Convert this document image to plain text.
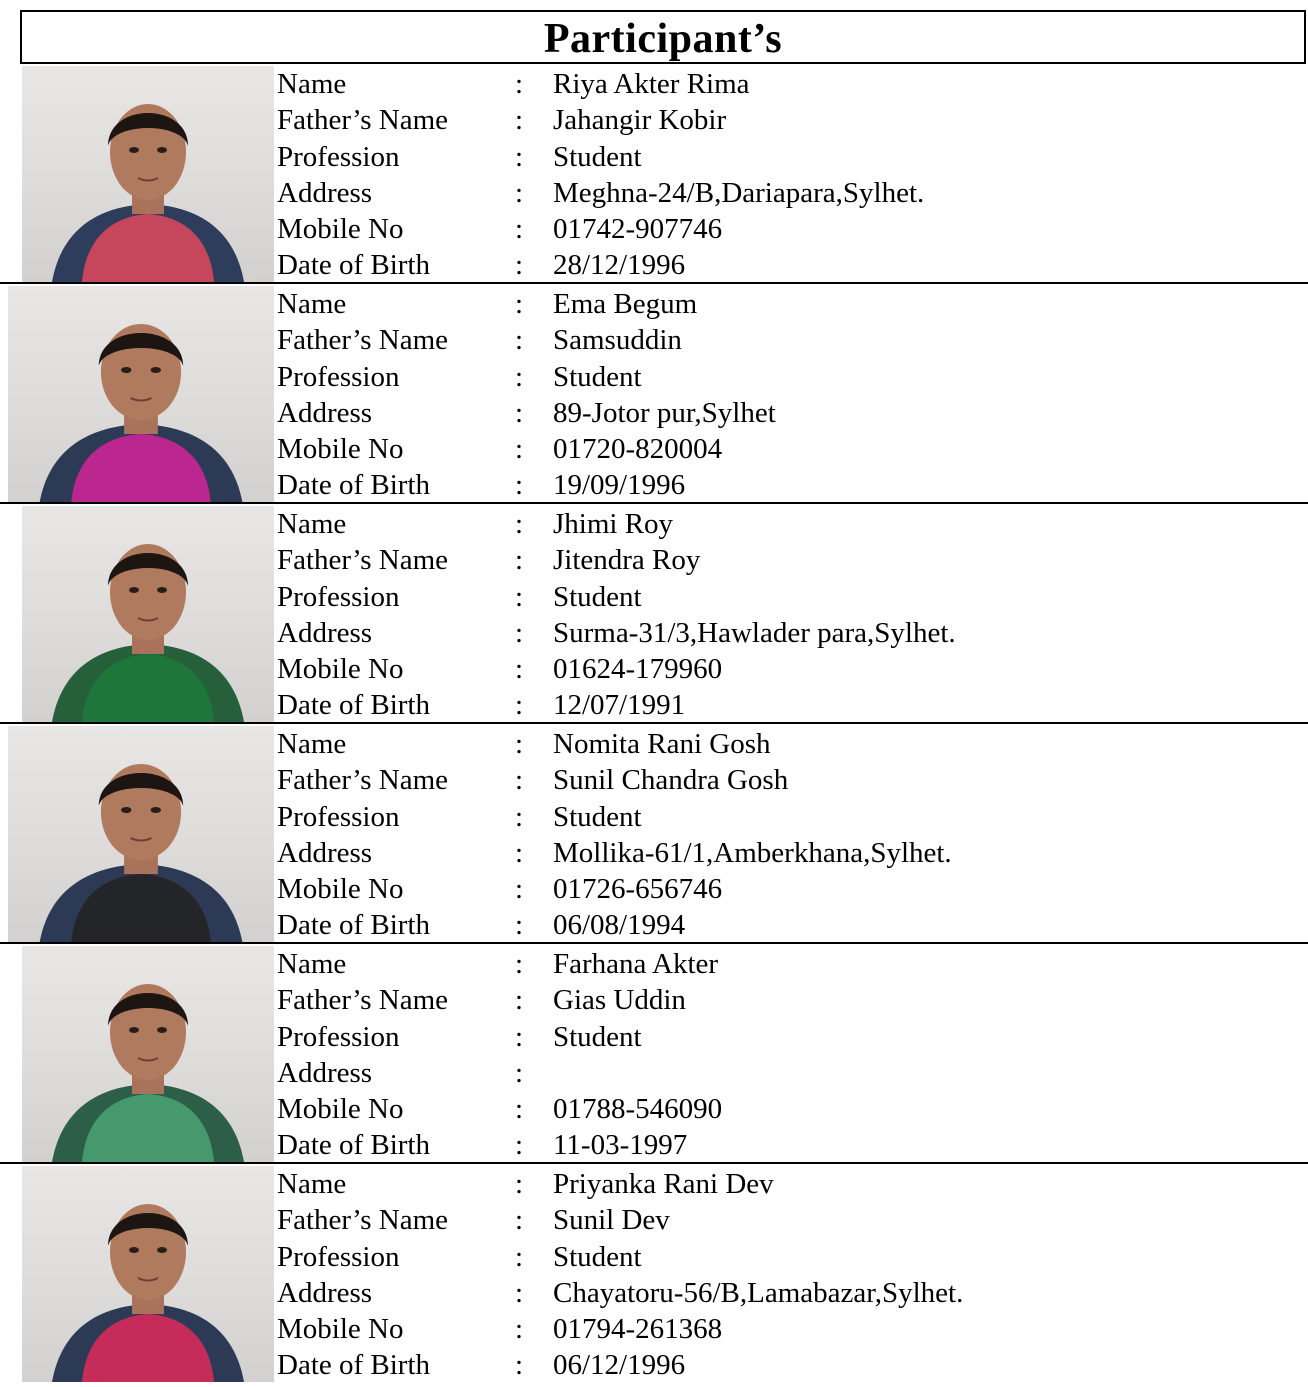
Participant’s
Name	: Riya Akter Rima
Father’s Name : Jahangir Kobir
Profession	: Student
Address	: Meghna-24/B,Dariapara,Sylhet.
Mobile No	: 01742-907746
Date of Birth	: 28/12/1996
Name	: Ema Begum
Father’s Name : Samsuddin
Profession	: Student
Address	: 89-Jotor pur,Sylhet
Mobile No	: 01720-820004
Date of Birth	: 19/09/1996
Name	: Jhimi Roy
Father’s Name : Jitendra Roy
Profession	: Student
Address	: Surma-31/3,Hawlader para,Sylhet.
Mobile No	: 01624-179960
Date of Birth	: 12/07/1991
Name	: Nomita Rani Gosh
Father’s Name : Sunil Chandra Gosh
Profession	: Student
Address	: Mollika-61/1,Amberkhana,Sylhet.
Mobile No	: 01726-656746
Date of Birth	: 06/08/1994
Name	: Farhana Akter
Father’s Name : Gias Uddin
Profession	: Student
Address	:
Mobile No	: 01788-546090
Date of Birth	: 11-03-1997
Name	: Priyanka Rani Dev
Father’s Name : Sunil Dev
Profession	: Student
Address	: Chayatoru-56/B,Lamabazar,Sylhet.
Mobile No	: 01794-261368
Date of Birth	: 06/12/1996
